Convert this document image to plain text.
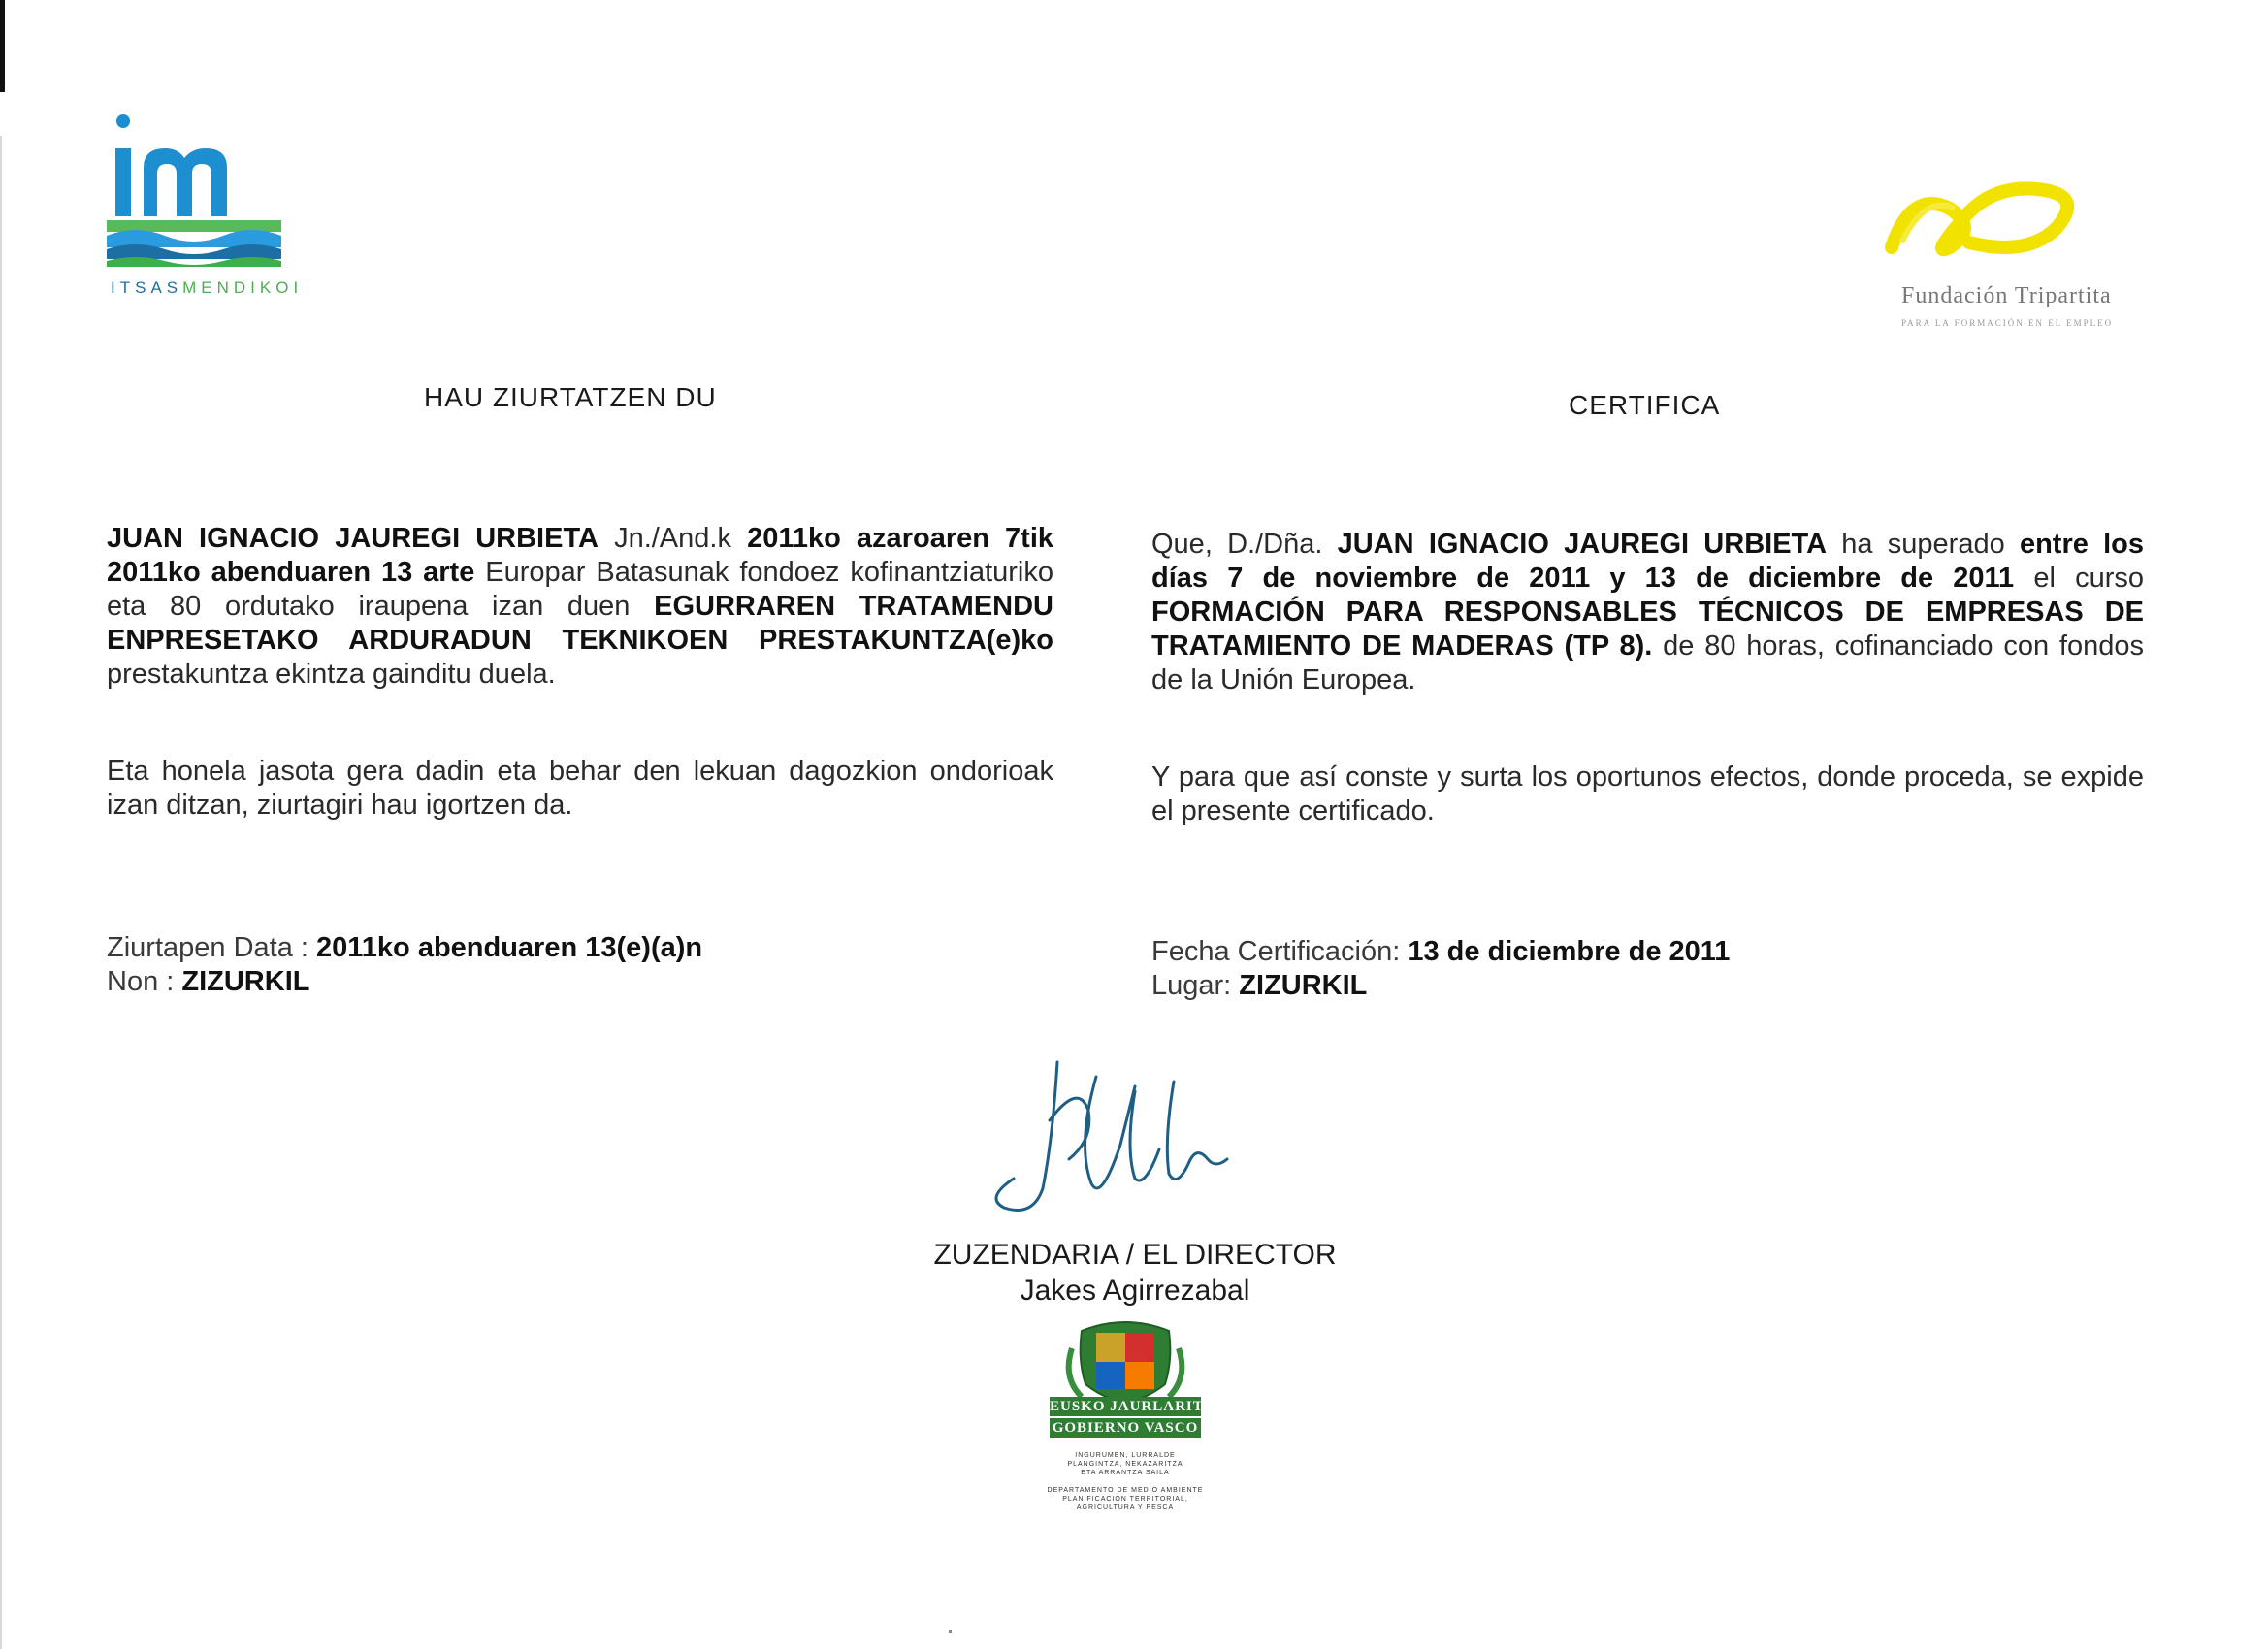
ITSASMENDIKOI	Fundación Tripartita
PARA LA FORMACIÓN EN EL EMPLEO
HAU ZIURTATZEN DU	CERTIFICA

JUAN IGNACIO JAUREGI URBIETA Jn./And.k 2011ko azaroaren 7tik 2011ko abenduaren 13 arte Europar Batasunak fondoez kofinantziaturiko eta 80 ordutako iraupena izan duen EGURRAREN TRATAMENDU ENPRESETAKO ARDURADUN TEKNIKOEN PRESTAKUNTZA(e)ko prestakuntza ekintza gainditu duela.

Eta honela jasota gera dadin eta behar den lekuan dagozkion ondorioak izan ditzan, ziurtagiri hau igortzen da.

Ziurtapen Data : 2011ko abenduaren 13(e)(a)n
Non : ZIZURKIL

Que, D./Dña. JUAN IGNACIO JAUREGI URBIETA ha superado entre los días 7 de noviembre de 2011 y 13 de diciembre de 2011 el curso FORMACIÓN PARA RESPONSABLES TÉCNICOS DE EMPRESAS DE TRATAMIENTO DE MADERAS (TP 8). de 80 horas, cofinanciado con fondos de la Unión Europea.

Y para que así conste y surta los oportunos efectos, donde proceda, se expide el presente certificado.

Fecha Certificación: 13 de diciembre de 2011
Lugar: ZIZURKIL
ZUZENDARIA / EL DIRECTOR
Jakes Agirrezabal
EUSKO JAURLARITZA
GOBIERNO VASCO
INGURUMEN, LURRALDE
PLANGINTZA, NEKAZARITZA
ETA ARRANTZA SAILA
DEPARTAMENTO DE MEDIO AMBIENTE
PLANIFICACIÓN TERRITORIAL,
AGRICULTURA Y PESCA
